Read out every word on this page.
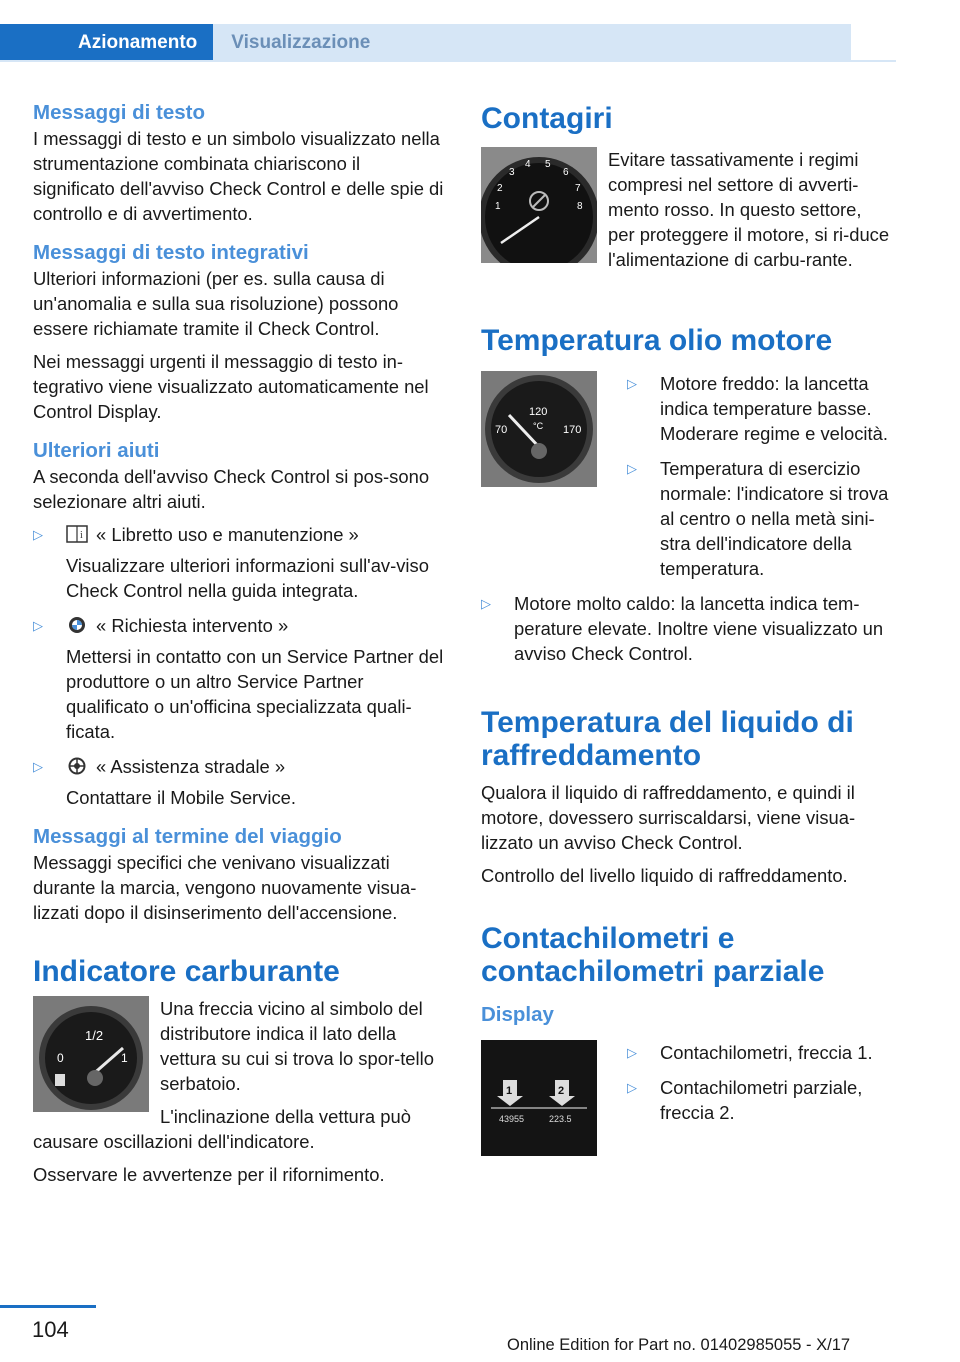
Azionamento	Visualizzazione
Messaggi di testo

I messaggi di testo e un simbolo visualizzato nella strumentazione combinata chiariscono il significato dell'avviso Check Control e delle spie di controllo e di avvertimento.

Messaggi di testo integrativi

Ulteriori informazioni (per es. sulla causa di un'anomalia e sulla sua risoluzione) possono essere richiamate tramite il Check Control.

Nei messaggi urgenti il messaggio di testo in-tegrativo viene visualizzato automaticamente nel Control Display.

Ulteriori aiuti

A seconda dell'avviso Check Control si pos-sono selezionare altri aiuti.

▷	i « Libretto uso e manutenzione »
Visualizzare ulteriori informazioni sull'av-viso Check Control nella guida integrata.
▷	« Richiesta intervento »
Mettersi in contatto con un Service Partner del produttore o un altro Service Partner qualificato o un'officina specializzata quali-ficata.
▷	« Assistenza stradale »
Contattare il Mobile Service.
Messaggi al termine del viaggio

Messaggi specifici che venivano visualizzati durante la marcia, vengono nuovamente visua-lizzati dopo il disinserimento dell'accensione.

Indicatore carburante
1/2
0	1

Una freccia vicino al simbolo del distributore indica il lato della vettura su cui si trova lo spor-tello serbatoio.

L'inclinazione della vettura può causare oscillazioni dell'indicatore.

Osservare le avvertenze per il rifornimento.

Contagiri
1
2
3
4 5
6
7
8

Evitare tassativamente i regimi compresi nel settore di avverti-mento rosso. In questo settore, per proteggere il motore, si ri-duce l'alimentazione di carbu-rante.

Temperatura olio motore
120
°C
70	170
▷ Motore freddo: la lancetta indica temperature basse. Moderare regime e velocità.
▷ Temperatura di esercizio normale: l'indicatore si trova al centro o nella metà sini-stra dell'indicatore della temperatura.
▷ Motore molto caldo: la lancetta indica tem-perature elevate. Inoltre viene visualizzato un avviso Check Control.
Temperatura del liquido di raffreddamento

Qualora il liquido di raffreddamento, e quindi il motore, dovessero surriscaldarsi, viene visua-lizzato un avviso Check Control.

Controllo del livello liquido di raffreddamento.

Contachilometri e contachilometri parziale
Display
1	2
43955	223.5
▷ Contachilometri, freccia 1.
▷ Contachilometri parziale, freccia 2.
104
Online Edition for Part no. 01402985055 - X/17
